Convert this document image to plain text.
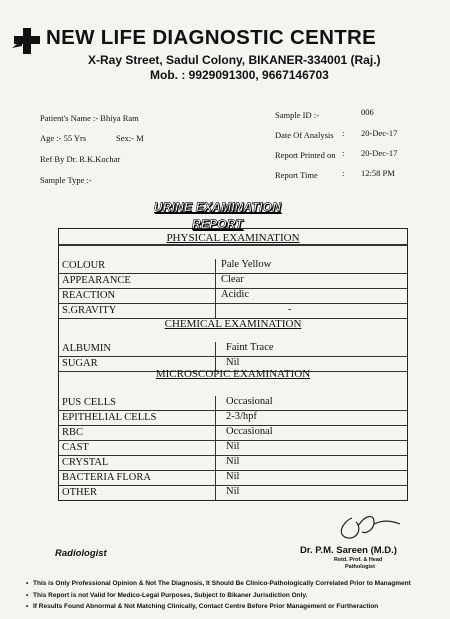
NEW LIFE DIAGNOSTIC CENTRE
X-Ray Street, Sadul Colony, BIKANER-334001 (Raj.)
Mob. : 9929091300, 9667146703
Patient's Name :- Bhiya Ram
Age :- 55 Yrs	Sex:- M
Ref By Dr. R.K.Kochar
Sample Type :-
Sample ID :-	006
Date Of Analysis : 20-Dec-17
Report Printed on : 20-Dec-17
Report Time	: 12:58 PM
URINE EXAMINATION REPORT
PHYSICAL EXAMINATION
COLOUR	Pale Yellow
APPEARANCE	Clear
REACTION	Acidic
S.GRAVITY	-
CHEMICAL EXAMINATION
ALBUMIN	Faint Trace
SUGAR	Nil
MICROSCOPIC EXAMINATION
PUS CELLS	Occasional
EPITHELIAL CELLS	2-3/hpf
RBC	Occasional
CAST	Nil
CRYSTAL	Nil
BACTERIA FLORA	Nil
OTHER	Nil
Radiologist	Dr. P.M. Sareen (M.D.)
Retd. Prof. & Head
Pathologist
• This is Only Professional Opinion & Not The Diagnosis, It Should Be Clinico-Pathologically Correlated Prior to Managment
• This Report is not Valid for Medico-Legal Purposes, Subject to Bikaner Jurisdiction Only.
• If Results Found Abnormal & Not Matching Clinically, Contact Centre Before Prior Management or Furtheraction
